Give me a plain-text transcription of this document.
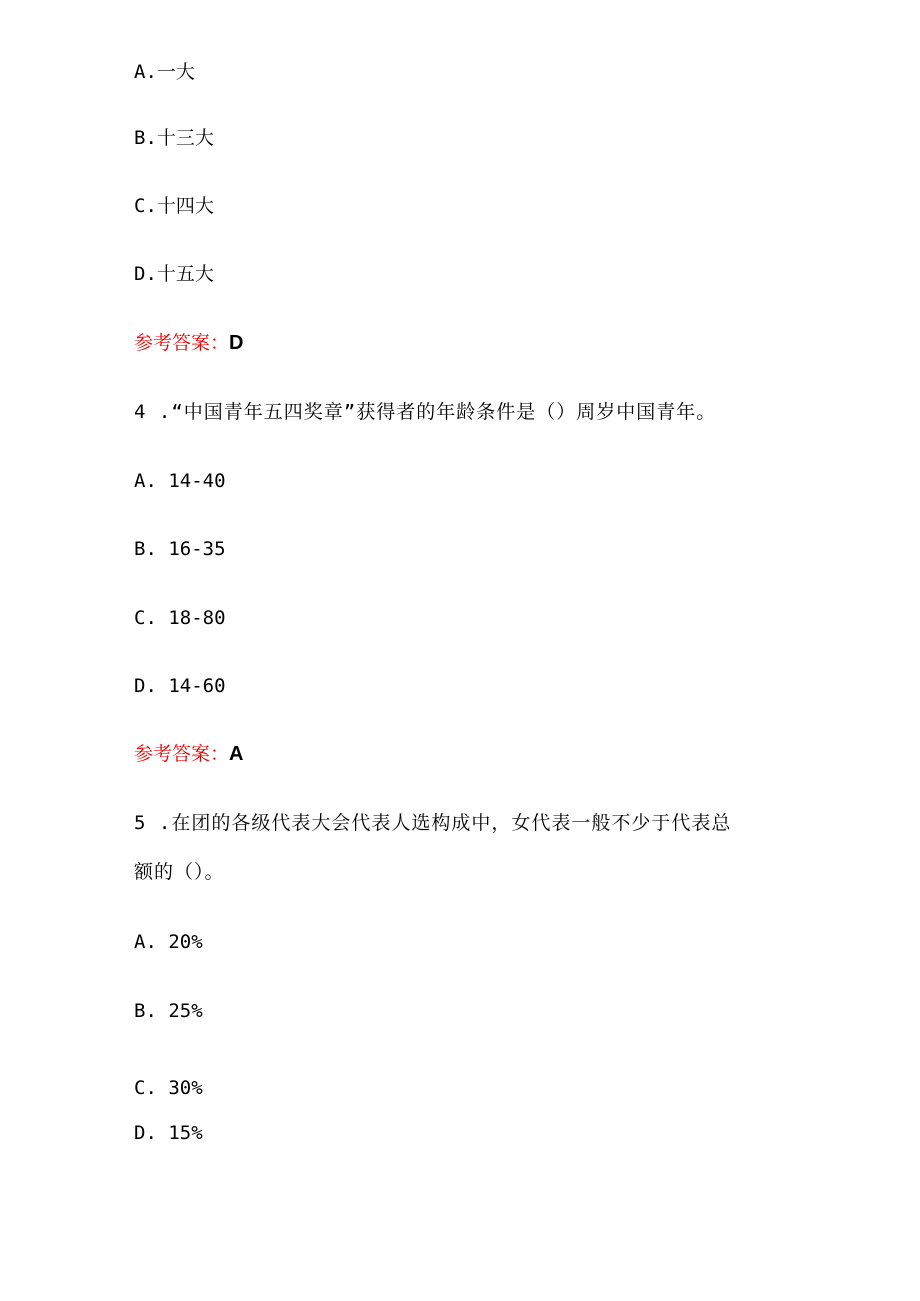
A.一大
B.十三大
C.十四大
D.十五大
参考答案：D
4 .“中国青年五四奖章”获得者的年龄条件是（）周岁中国青年。
A. 14-40
B. 16-35
C. 18-80
D. 14-60
参考答案：A
5 .在团的各级代表大会代表人选构成中，女代表一般不少于代表总
额的（）。
A. 20%
B. 25%
C. 30%
D. 15%
